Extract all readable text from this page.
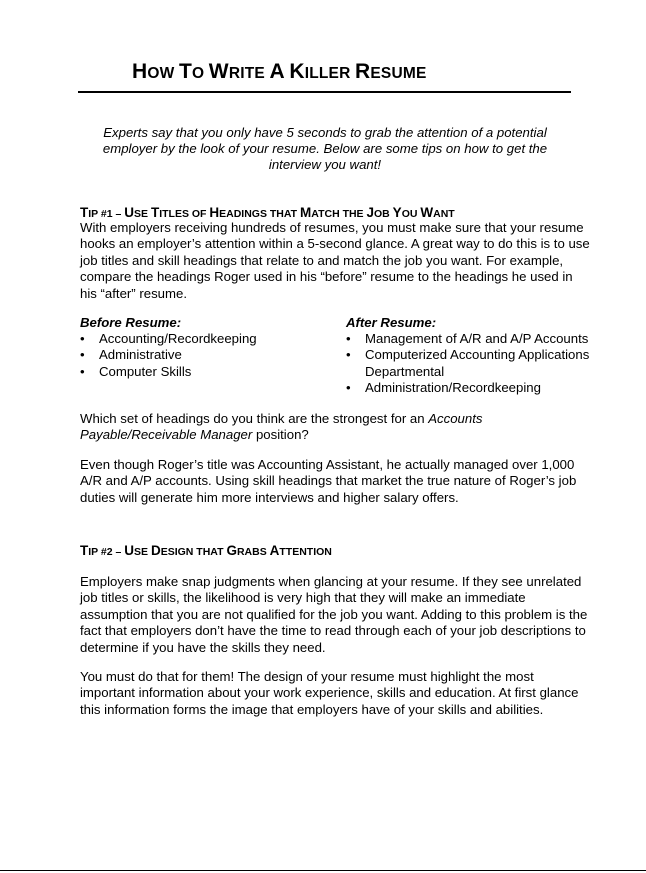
HOW TO WRITE A KILLER RESUME
Experts say that you only have 5 seconds to grab the attention of a potential employer by the look of your resume. Below are some tips on how to get the interview you want!
TIP #1 – USE TITLES OF HEADINGS THAT MATCH THE JOB YOU WANT
With employers receiving hundreds of resumes, you must make sure that your resume hooks an employer’s attention within a 5-second glance. A great way to do this is to use job titles and skill headings that relate to and match the job you want. For example, compare the headings Roger used in his “before” resume to the headings he used in his “after” resume.
Before Resume:
• Accounting/Recordkeeping
• Administrative
• Computer Skills
After Resume:
• Management of A/R and A/P Accounts
• Computerized Accounting Applications Departmental
• Administration/Recordkeeping
Which set of headings do you think are the strongest for an Accounts Payable/Receivable Manager position?
Even though Roger’s title was Accounting Assistant, he actually managed over 1,000 A/R and A/P accounts. Using skill headings that market the true nature of Roger’s job duties will generate him more interviews and higher salary offers.
TIP #2 – USE DESIGN THAT GRABS ATTENTION
Employers make snap judgments when glancing at your resume. If they see unrelated job titles or skills, the likelihood is very high that they will make an immediate assumption that you are not qualified for the job you want. Adding to this problem is the fact that employers don’t have the time to read through each of your job descriptions to determine if you have the skills they need.
You must do that for them! The design of your resume must highlight the most important information about your work experience, skills and education. At first glance this information forms the image that employers have of your skills and abilities.
